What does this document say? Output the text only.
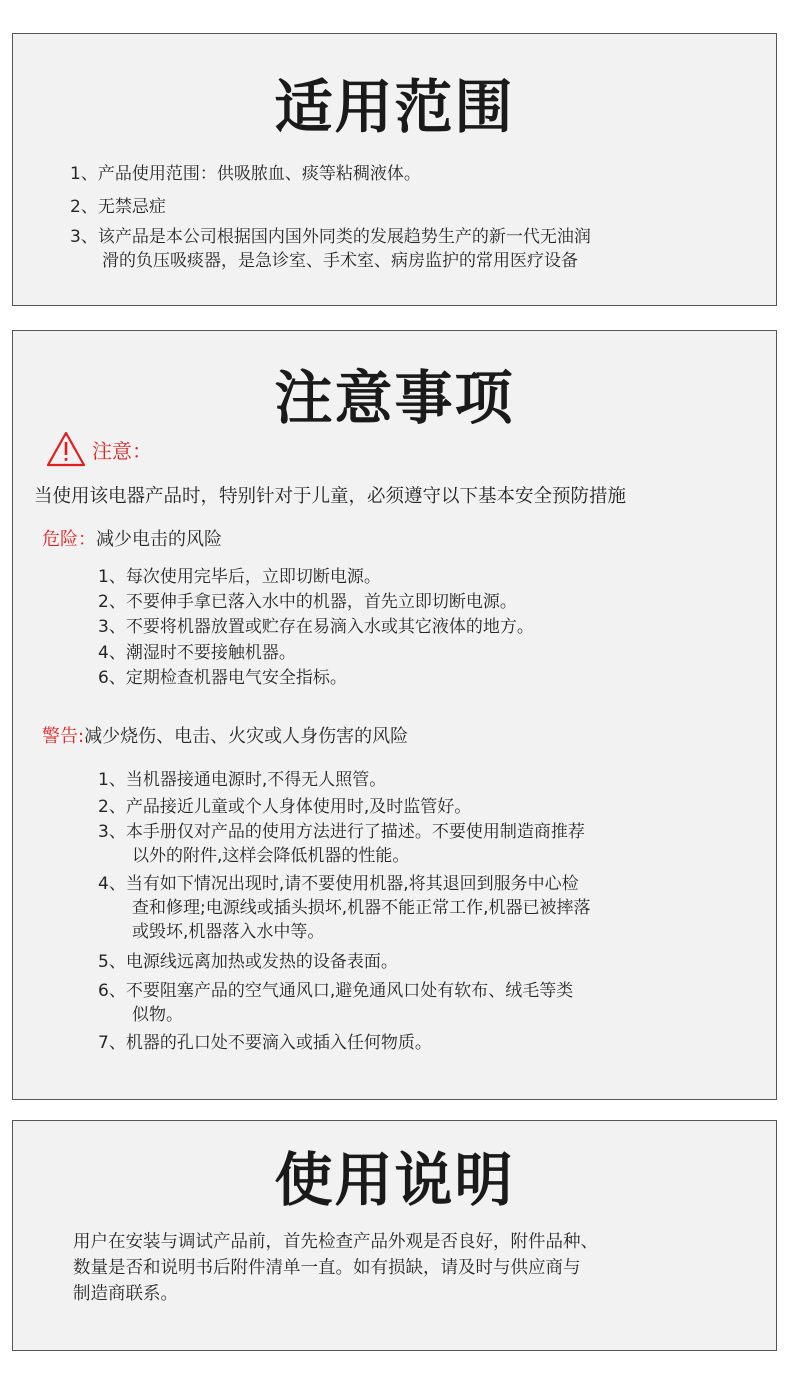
适用范围
1、产品使用范围：供吸脓血、痰等粘稠液体。
2、无禁忌症
3、该产品是本公司根据国内国外同类的发展趋势生产的新一代无油润
滑的负压吸痰器，是急诊室、手术室、病房监护的常用医疗设备
注意事项
注意：
当使用该电器产品时，特别针对于儿童，必须遵守以下基本安全预防措施
危险：减少电击的风险
1、每次使用完毕后，立即切断电源。
2、不要伸手拿已落入水中的机器，首先立即切断电源。
3、不要将机器放置或贮存在易滴入水或其它液体的地方。
4、潮湿时不要接触机器。
6、定期检查机器电气安全指标。
警告:减少烧伤、电击、火灾或人身伤害的风险
1、当机器接通电源时,不得无人照管。
2、产品接近儿童或个人身体使用时,及时监管好。
3、本手册仅对产品的使用方法进行了描述。不要使用制造商推荐
以外的附件,这样会降低机器的性能。
4、当有如下情况出现时,请不要使用机器,将其退回到服务中心检
查和修理;电源线或插头损坏,机器不能正常工作,机器已被摔落
或毁坏,机器落入水中等。
5、电源线远离加热或发热的设备表面。
6、不要阻塞产品的空气通风口,避免通风口处有软布、绒毛等类
似物。
7、机器的孔口处不要滴入或插入任何物质。
使用说明
用户在安装与调试产品前，首先检查产品外观是否良好，附件品种、
数量是否和说明书后附件清单一直。如有损缺，请及时与供应商与
制造商联系。
